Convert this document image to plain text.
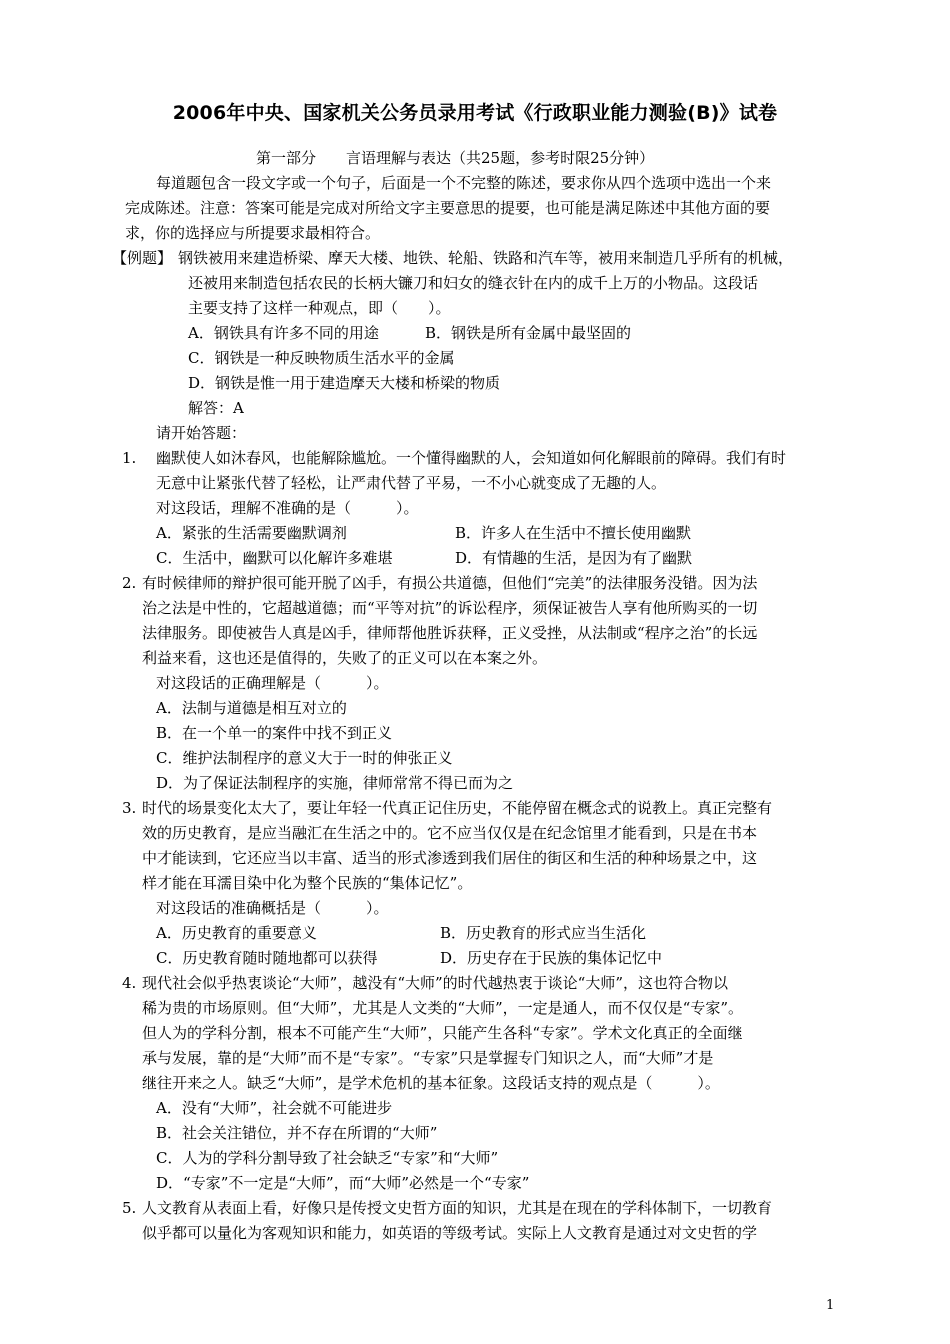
2006年中央、国家机关公务员录用考试《行政职业能力测验(B)》试卷
第一部分　　言语理解与表达（共25题，参考时限25分钟）
每道题包含一段文字或一个句子，后面是一个不完整的陈述，要求你从四个选项中选出一个来
完成陈述。注意：答案可能是完成对所给文字主要意思的提要，也可能是满足陈述中其他方面的要
求，你的选择应与所提要求最相符合。
【例题】 钢铁被用来建造桥梁、摩天大楼、地铁、轮船、铁路和汽车等，被用来制造几乎所有的机械，
还被用来制造包括农民的长柄大镰刀和妇女的缝衣针在内的成千上万的小物品。这段话
主要支持了这样一种观点，即（　　）。
A．钢铁具有许多不同的用途	B．钢铁是所有金属中最坚固的
C．钢铁是一种反映物质生活水平的金属
D．钢铁是惟一用于建造摩天大楼和桥梁的物质
解答：A
请开始答题：
1. 幽默使人如沐春风，也能解除尴尬。一个懂得幽默的人，会知道如何化解眼前的障碍。我们有时
无意中让紧张代替了轻松，让严肃代替了平易，一不小心就变成了无趣的人。
对这段话，理解不准确的是（　　　）。
A．紧张的生活需要幽默调剂	B．许多人在生活中不擅长使用幽默
C．生活中，幽默可以化解许多难堪	D．有情趣的生活，是因为有了幽默
2. 有时候律师的辩护很可能开脱了凶手，有损公共道德，但他们“完美”的法律服务没错。因为法
治之法是中性的，它超越道德；而“平等对抗”的诉讼程序，须保证被告人享有他所购买的一切
法律服务。即使被告人真是凶手，律师帮他胜诉获释，正义受挫，从法制或“程序之治”的长远
利益来看，这也还是值得的，失败了的正义可以在本案之外。
对这段话的正确理解是（　　　）。
A．法制与道德是相互对立的
B．在一个单一的案件中找不到正义
C．维护法制程序的意义大于一时的伸张正义
D．为了保证法制程序的实施，律师常常不得已而为之
3. 时代的场景变化太大了，要让年轻一代真正记住历史，不能停留在概念式的说教上。真正完整有
效的历史教育，是应当融汇在生活之中的。它不应当仅仅是在纪念馆里才能看到，只是在书本
中才能读到，它还应当以丰富、适当的形式渗透到我们居住的街区和生活的种种场景之中，这
样才能在耳濡目染中化为整个民族的“集体记忆”。
对这段话的准确概括是（　　　）。
A．历史教育的重要意义	B．历史教育的形式应当生活化
C．历史教育随时随地都可以获得	D．历史存在于民族的集体记忆中
4. 现代社会似乎热衷谈论“大师”，越没有“大师”的时代越热衷于谈论“大师”，这也符合物以
稀为贵的市场原则。但“大师”，尤其是人文类的“大师”，一定是通人，而不仅仅是“专家”。
但人为的学科分割，根本不可能产生“大师”，只能产生各科“专家”。学术文化真正的全面继
承与发展，靠的是“大师”而不是“专家”。“专家”只是掌握专门知识之人，而“大师”才是
继往开来之人。缺乏“大师”，是学术危机的基本征象。这段话支持的观点是（　　　）。
A．没有“大师”，社会就不可能进步
B．社会关注错位，并不存在所谓的“大师”
C．人为的学科分割导致了社会缺乏“专家”和“大师”
D．“专家”不一定是“大师”，而“大师”必然是一个“专家”
5. 人文教育从表面上看，好像只是传授文史哲方面的知识，尤其是在现在的学科体制下，一切教育
似乎都可以量化为客观知识和能力，如英语的等级考试。实际上人文教育是通过对文史哲的学
1
